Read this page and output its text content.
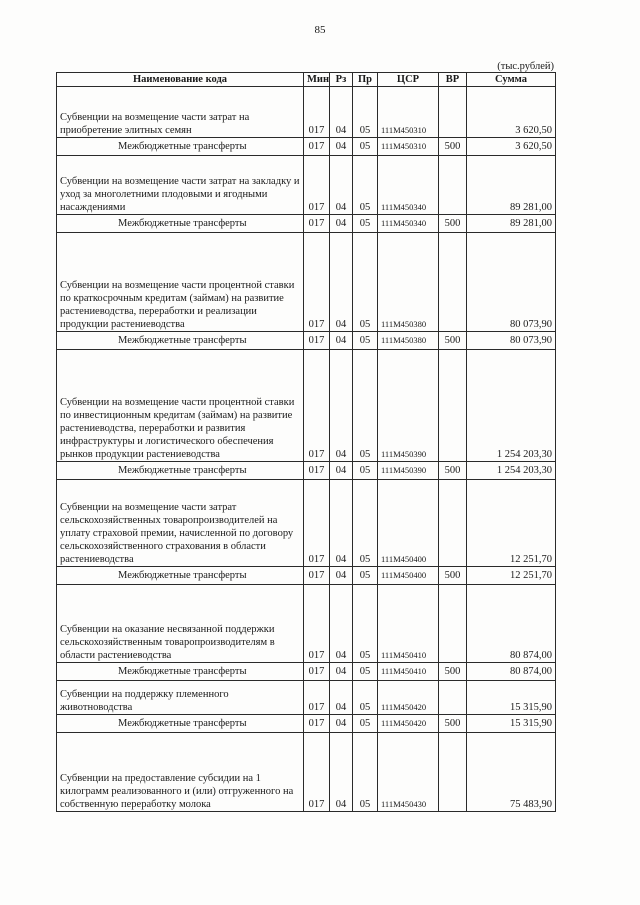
85
(тыс.рублей)
Наименование кода	Мин	Рз	Пр	ЦСР	ВР	Сумма
Субвенции на возмещение части затрат на приобретение элитных семян	017	04	05	111М450310		3 620,50
Межбюджетные трансферты	017	04	05	111М450310	500	3 620,50
Субвенции на возмещение части затрат на закладку и уход за многолетними плодовыми и ягодными насаждениями	017	04	05	111М450340		89 281,00
Межбюджетные трансферты	017	04	05	111М450340	500	89 281,00
Субвенции на возмещение части процентной ставки по краткосрочным кредитам (займам) на развитие растениеводства, переработки и реализации продукции растениеводства	017	04	05	111М450380		80 073,90
Межбюджетные трансферты	017	04	05	111М450380	500	80 073,90
Субвенции на возмещение части процентной ставки по инвестиционным кредитам (займам) на развитие растениеводства, переработки и развития инфраструктуры и логистического обеспечения рынков продукции растениеводства	017	04	05	111М450390		1 254 203,30
Межбюджетные трансферты	017	04	05	111М450390	500	1 254 203,30
Субвенции на возмещение части затрат сельскохозяйственных товаропроизводителей на уплату страховой премии, начисленной по договору сельскохозяйственного страхования в области растениеводства	017	04	05	111М450400		12 251,70
Межбюджетные трансферты	017	04	05	111М450400	500	12 251,70
Субвенции на оказание несвязанной поддержки сельскохозяйственным товаропроизводителям в области растениеводства	017	04	05	111М450410		80 874,00
Межбюджетные трансферты	017	04	05	111М450410	500	80 874,00
Субвенции на поддержку племенного животноводства	017	04	05	111М450420		15 315,90
Межбюджетные трансферты	017	04	05	111М450420	500	15 315,90
Субвенции на предоставление субсидии на 1 килограмм реализованного и (или) отгруженного на собственную переработку молока	017	04	05	111М450430		75 483,90
